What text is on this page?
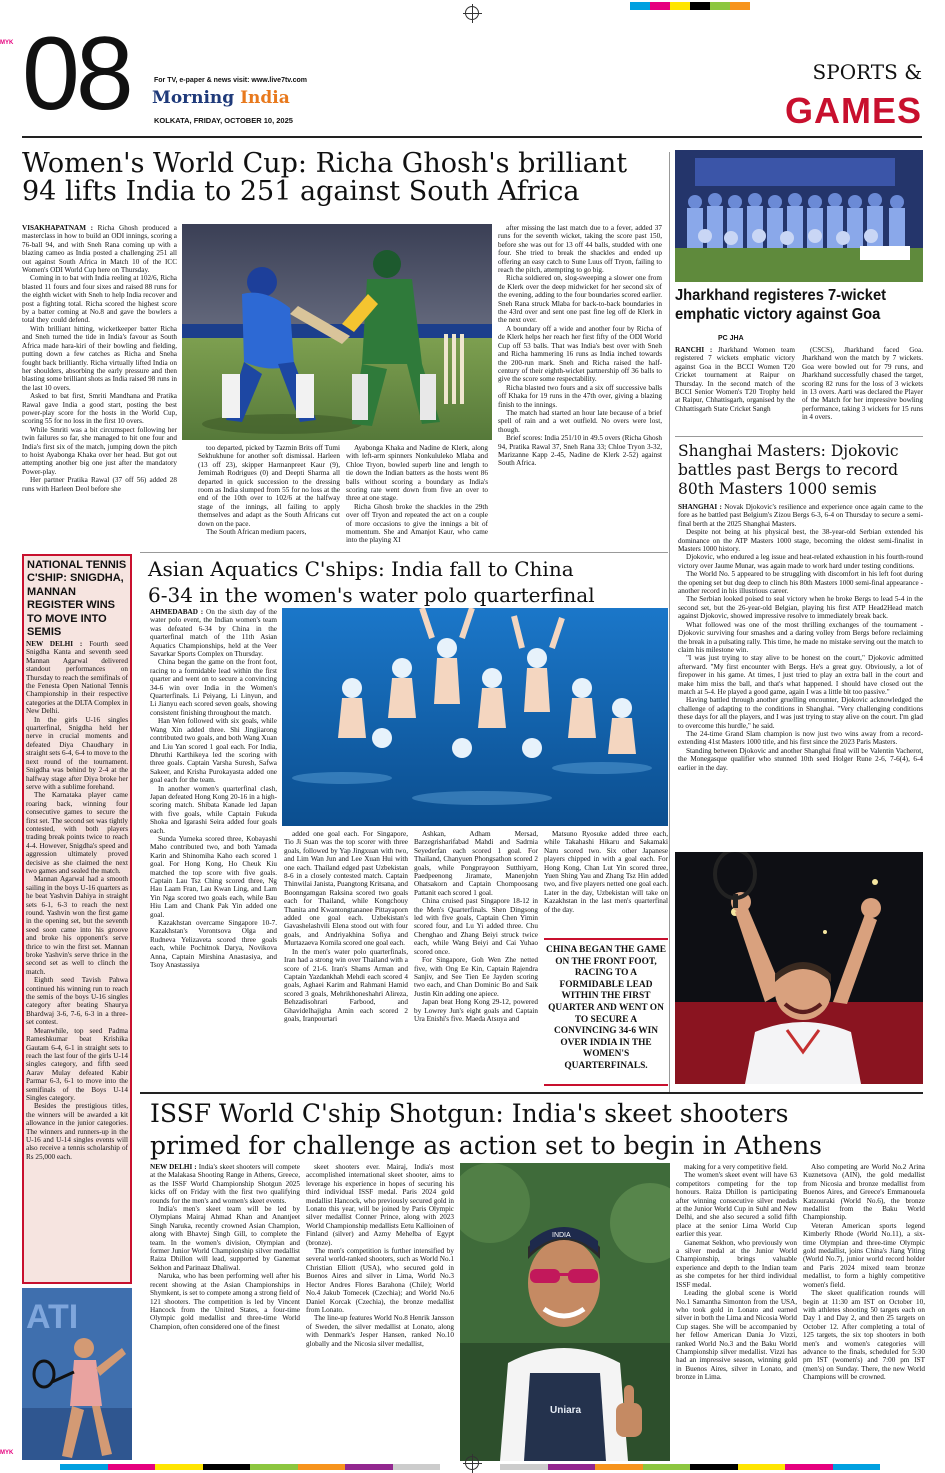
MYK 08	For TV, e-paper & news visit: www.live7tv.com
Morning India
KOLKATA, FRIDAY, OCTOBER 10, 2025
SPORTS &
GAMES
Women's World Cup: Richa Ghosh's brilliant
94 lifts India to 251 against South Africa

VISAKHAPATNAM : Richa Ghosh produced a masterclass in how to build an ODI innings, scoring a 76-ball 94, and with Sneh Rana coming up with a blazing cameo as India posted a challenging 251 all out against South Africa in Match 10 of the ICC Women's ODI World Cup here on Thursday.

Coming in to bat with India reeling at 102/6, Richa blasted 11 fours and four sixes and raised 88 runs for the eighth wicket with Sneh to help India recover and post a fighting total. Richa scored the highest score by a batter coming at No.8 and gave the bowlers a total they could defend.

With brilliant hitting, wicketkeeper batter Richa and Sneh turned the tide in India's favour as South Africa made hara-kiri of their bowling and fielding, putting down a few catches as Richa and Sneha fought back brilliantly. Richa virtually lifted India on her shoulders, absorbing the early pressure and then blasting some brilliant shots as India raised 98 runs in the last 10 overs.

Asked to bat first, Smriti Mandhana and Pratika Rawal gave India a good start, posting the best power-play score for the hosts in the World Cup, scoring 55 for no loss in the first 10 overs.

While Smriti was a bit circumspect following her twin failures so far, she managed to hit one four and India's first six of the match, jumping down the pitch to hoist Ayabonga Khaka over her head. But got out attempting another big one just after the mandatory Power-play.

Her partner Pratika Rawal (37 off 56) added 28 runs with Harleen Deol before she

too departed, picked by Tazmin Brits off Tumi Sekhukhune for another soft dismissal. Harleen (13 off 23), skipper Harmanpreet Kaur (9), Jemimah Rodrigues (0) and Deepti Sharma all departed in quick succession to the dressing room as India slumped from 55 for no loss at the end of the 10th over to 102/6 at the halfway stage of the innings, all failing to apply themselves and adapt as the South Africans cut down on the pace.

The South African medium pacers,

Ayabonga Khaka and Nadine de Klerk, along with left-arm spinners Nonkululeko Mlaba and Chloe Tryon, bowled superb line and length to tie down the Indian batters as the hosts went 86 balls without scoring a boundary as India's scoring rate went down from five an over to three at one stage.

Richa Ghosh broke the shackles in the 29th over off Tryon and repeated the act on a couple of more occasions to give the innings a bit of momentum. She and Amanjot Kaur, who came into the playing XI

after missing the last match due to a fever, added 37 runs for the seventh wicket, taking the score past 150, before she was out for 13 off 44 balls, studded with one four. She tried to break the shackles and ended up offering an easy catch to Sune Luus off Tryon, failing to reach the pitch, attempting to go big.

Richa soldiered on, slog-sweeping a slower one from de Klerk over the deep midwicket for her second six of the evening, adding to the four boundaries scored earlier. Sneh Rana struck Mlaba for back-to-back boundaries in the 43rd over and sent one past fine leg off de Klerk in the next over.

A boundary off a wide and another four by Richa of de Klerk helps her reach her first fifty of the ODI World Cup off 53 balls. That was India's best over with Sneh and Richa hammering 16 runs as India inched towards the 200-run mark. Sneh and Richa raised the half-century of their eighth-wicket partnership off 36 balls to give the score some respectability.

Richa blasted two fours and a six off successive balls off Khaka for 19 runs in the 47th over, giving a blazing finish to the innings.

The match had started an hour late because of a brief spell of rain and a wet outfield. No overs were lost, though.

Brief scores: India 251/10 in 49.5 overs (Richa Ghosh 94, Pratika Rawal 37, Sneh Rana 33; Chloe Tryon 3-32, Marizanne Kapp 2-45, Nadine de Klerk 2-52) against South Africa.

Jharkhand registeres 7-wicket emphatic victory against Goa
PC JHA

RANCHI : Jharkhand Women team registered 7 wickets emphatic victory against Goa in the BCCI Women T20 Cricket tournament at Raipur on Thursday. In the second match of the BCCI Senior Women's T20 Trophy held at Raipur, Chhattisgarh, organised by the Chhattisgarh State Cricket Sangh

(CSCS), Jharkhand faced Goa. Jharkhand won the match by 7 wickets. Goa were bowled out for 79 runs, and Jharkhand successfully chased the target, scoring 82 runs for the loss of 3 wickets in 13 overs. Aarti was declared the Player of the Match for her impressive bowling performance, taking 3 wickets for 15 runs in 4 overs.

Shanghai Masters: Djokovic battles past Bergs to record 80th Masters 1000 semis

SHANGHAI : Novak Djokovic's resilience and experience once again came to the fore as he battled past Belgium's Zizou Bergs 6-3, 6-4 on Thursday to secure a semi-final berth at the 2025 Shanghai Masters.

Despite not being at his physical best, the 38-year-old Serbian extended his dominance on the ATP Masters 1000 stage, becoming the oldest semi-finalist in Masters 1000 history.

Djokovic, who endured a leg issue and heat-related exhaustion in his fourth-round victory over Jaume Munar, was again made to work hard under testing conditions.

The World No. 5 appeared to be struggling with discomfort in his left foot during the opening set but dug deep to clinch his 80th Masters 1000 semi-final appearance - another record in his illustrious career.

The Serbian looked poised to seal victory when he broke Bergs to lead 5-4 in the second set, but the 26-year-old Belgian, playing his first ATP Head2Head match against Djokovic, showed impressive resolve to immediately break back.

What followed was one of the most thrilling exchanges of the tournament - Djokovic surviving four smashes and a daring volley from Bergs before reclaiming the break in a pulsating rally. This time, he made no mistake serving out the match to claim his milestone win.

"I was just trying to stay alive to be honest on the court," Djokovic admitted afterward. "My first encounter with Bergs. He's a great guy. Obviously, a lot of firepower in his game. At times, I just tried to play an extra ball in the court and make him miss the ball, and that's what happened. I should have closed out the match at 5-4. He played a good game, again I was a little bit too passive."

Having battled through another gruelling encounter, Djokovic acknowledged the challenge of adapting to the conditions in Shanghai. "Very challenging conditions these days for all the players, and I was just trying to stay alive on the court. I'm glad to overcome this hurdle," he said.

The 24-time Grand Slam champion is now just two wins away from a record-extending 41st Masters 1000 title, and his first since the 2023 Paris Masters.

Standing between Djokovic and another Shanghai final will be Valentin Vacherot, the Monegasque qualifier who stunned 10th seed Holger Rune 2-6, 7-6(4), 6-4 earlier in the day.

NATIONAL TENNIS C'SHIP: SNIGDHA, MANNAN REGISTER WINS TO MOVE INTO SEMIS

NEW DELHI : Fourth seed Snigdha Kanta and seventh seed Mannan Agarwal delivered standout performances on Thursday to reach the semifinals of the Fenesta Open National Tennis Championship in their respective categories at the DLTA Complex in New Delhi.

In the girls U-16 singles quarterfinal, Snigdha held her nerve in crucial moments and defeated Diya Chaudhary in straight sets 6-4, 6-4 to move to the next round of the tournament. Snigdha was behind by 2-4 at the halfway stage after Diya broke her serve with a sublime forehand.

The Karnataka player came roaring back, winning four consecutive games to secure the first set. The second set was tightly contested, with both players trading break points twice to reach 4-4. However, Snigdha's speed and aggression ultimately proved decisive as she claimed the next two games and sealed the match.

Mannan Agarwal had a smooth sailing in the boys U-16 quarters as he beat Yashvin Dahiya in straight sets 6-1, 6-3 to reach the next round. Yashvin won the first game in the opening set, but the seventh seed soon came into his groove and broke his opponent's serve thrice to win the first set. Mannan broke Yashvin's serve thrice in the second set as well to clinch the match.

Eighth seed Tavish Pahwa continued his winning run to reach the semis of the boys U-16 singles category after beating Shaurya Bhardwaj 3-6, 7-6, 6-3 in a three-set contest.

Meanwhile, top seed Padma Rameshkumar beat Krishika Gautam 6-4, 6-1 in straight sets to reach the last four of the girls U-14 singles category, and fifth seed Aarav Mulay defeated Kabir Parmar 6-3, 6-1 to move into the semifinals of the Boys U-14 Singles category.

Besides the prestigious titles, the winners will be awarded a kit allowance in the junior categories. The winners and runners-up in the U-16 and U-14 singles events will also receive a tennis scholarship of Rs 25,000 each.

ATI
Asian Aquatics C'ships: India fall to China
6-34 in the women's water polo quarterfinal

AHMEDABAD : On the sixth day of the water polo event, the Indian women's team was defeated 6-34 by China in the quarterfinal match of the 11th Asian Aquatics Championships, held at the Veer Savarkar Sports Complex on Thursday.

China began the game on the front foot, racing to a formidable lead within the first quarter and went on to secure a convincing 34-6 win over India in the Women's Quarterfinals. Li Peiyang, Li Linyun, and Li Jianyu each scored seven goals, showing consistent finishing throughout the match.

Han Wen followed with six goals, while Wang Xin added three. Shi Jingjiarong contributed two goals, and both Wang Xuan and Liu Yan scored 1 goal each. For India, Dhruthi Karthikeya led the scoring with three goals. Captain Varsha Suresh, Safwa Sakeer, and Krisha Purokayasta added one goal each for the team.

In another women's quarterfinal clash, Japan defeated Hong Kong 20-16 in a high-scoring match. Shibata Kanade led Japan with five goals, while Captain Fukuda Shoka and Igarashi Seira added four goals each.

Sunda Yumeka scored three, Kobayashi Maho contributed two, and both Yamada Karin and Shinomiha Kaho each scored 1 goal. For Hong Kong, Ho Cheuk Kiu matched the top score with five goals. Captain Lau Tsz Ching scored three, Ng Hau Laam Fran, Lau Kwan Ling, and Lam Yin Nga scored two goals each, while Bau Hiu Lam and Chank Pak Yin added one goal.

Kazakhstan overcame Singapore 10-7. Kazakhstan's Vorontsova Olga and Rudneva Yelizaveta scored three goals each, while Pochitnok Darya, Novikova Anna, Captain Mirshina Anastasiya, and Tsoy Anastassiya

added one goal each. For Singapore, Tio Ji Suan was the top scorer with three goals, followed by Yap Jingxuan with two, and Lim Wan Jun and Lee Xuan Hui with one each. Thailand edged past Uzbekistan 8-6 in a closely contested match. Captain Thinwilai Janista, Puangtong Kritsana, and Boonngamgan Raksina scored two goals each for Thailand, while Kongchouy Thanita and Kwantongtananee Pittayaporn added one goal each. Uzbekistan's Gavashelashvili Elena stood out with four goals, and Andriyakhina Sofiya and Murtazaeva Komila scored one goal each.

In the men's water polo quarterfinals, Iran had a strong win over Thailand with a score of 21-6. Iran's Shams Arman and Captain Yazdankhah Mehdi each scored 4 goals, Aghaei Karim and Rahmani Hamid scored 3 goals, Mehrikhoneshahri Alireza, Behzadisohrari Farbood, and Ghavidelhajigha Amin each scored 2 goals, Iranpourtari

Ashkan, Adham Mersad, Barzegrisharifabad Mahdi and Sadrnia Seyederfan each scored 1 goal. For Thailand, Chanyuen Phongsathon scored 2 goals, while Pongprayoon Sutthiyarn, Paedpeenong Jiramate, Manenjohn Ohatsakorn and Captain Chompoosang Pattanit each scored 1 goal.

China cruised past Singapore 18-12 in the Men's Quarterfinals. Shen Dingsong led with five goals, Captain Chen Yimin scored four, and Lu Yi added three. Chu Chenghao and Zhang Beiyi struck twice each, while Wang Beiyi and Cai Yuhao scored once.

For Singapore, Goh Wen Zhe netted five, with Ong Ee Kin, Captain Rajendra Sanjiv, and See Tien Ee Jayden scoring two each, and Chan Dominic Bo and Saik Justin Kin adding one apiece.

Japan beat Hong Kong 29-12, powered by Lowrey Jun's eight goals and Captain Ura Enishi's five. Maeda Atsuya and

Matsuno Ryosuke added three each, while Takahashi Hikaru and Sakamaki Naru scored two. Six other Japanese players chipped in with a goal each. For Hong Kong, Chan Lut Yin scored three, Yuen Shing Yau and Zhang Tsz Hin added two, and five players netted one goal each. Later in the day, Uzbekistan will take on Kazakhstan in the last men's quarterfinal of the day.

CHINA BEGAN THE GAME ON THE FRONT FOOT, RACING TO A FORMIDABLE LEAD WITHIN THE FIRST QUARTER AND WENT ON TO SECURE A CONVINCING 34-6 WIN OVER INDIA IN THE WOMEN'S QUARTERFINALS.
ISSF World C'ship Shotgun: India's skeet shooters
primed for challenge as action set to begin in Athens

NEW DELHI : India's skeet shooters will compete at the Malakasa Shooting Range in Athens, Greece, as the ISSF World Championship Shotgun 2025 kicks off on Friday with the first two qualifying rounds for the men's and women's skeet events.

India's men's skeet team will be led by Olympians Mairaj Ahmad Khan and Anantjeet Singh Naruka, recently crowned Asian Champion, along with Bhavtej Singh Gill, to complete the team. In the women's division, Olympian and former Junior World Championship silver medallist Raiza Dhillon will lead, supported by Ganemat Sekhon and Parinaaz Dhaliwal.

Naruka, who has been performing well after his recent showing at the Asian Championships in Shymkent, is set to compete among a strong field of 121 shooters. The competition is led by Vincent Hancock from the United States, a four-time Olympic gold medallist and three-time World Champion, often considered one of the finest

skeet shooters ever. Mairaj, India's most accomplished international skeet shooter, aims to leverage his experience in hopes of securing his third individual ISSF medal. Paris 2024 gold medallist Hancock, who previously secured gold in Lonato this year, will be joined by Paris Olympic silver medallist Conner Prince, along with 2023 World Championship medallists Eetu Kallioinen of Finland (silver) and Azmy Mehelba of Egypt (bronze).

The men's competition is further intensified by several world-ranked shooters, such as World No.1 Christian Elliott (USA), who secured gold in Buenos Aires and silver in Lima, World No.3 Hector Andres Flores Barahona (Chile); World No.4 Jakub Tomecek (Czechia); and World No.6 Daniel Korcak (Czechia), the bronze medallist from Lonato.

The line-up features World No.8 Henrik Jansson of Sweden, the silver medallist at Lonato, along with Denmark's Jesper Hansen, ranked No.10 globally and the Nicosia silver medallist,

Uniara
INDIA

making for a very competitive field.

The women's skeet event will have 63 competitors competing for the top honours. Raiza Dhillon is participating after winning consecutive silver medals at the Junior World Cup in Suhl and New Delhi, and she also secured a solid fifth place at the senior Lima World Cup earlier this year.

Ganemat Sekhon, who previously won a silver medal at the Junior World Championship, brings valuable experience and depth to the Indian team as she competes for her third individual ISSF medal.

Leading the global scene is World No.1 Samantha Simonton from the USA, who took gold in Lonato and earned silver in both the Lima and Nicosia World Cup stages. She will be accompanied by her fellow American Dania Jo Vizzi, ranked World No.3 and the Baku World Championship silver medallist. Vizzi has had an impressive season, winning gold in Buenos Aires, silver in Lonato, and bronze in Lima.

Also competing are World No.2 Arina Kuznetsova (AIN), the gold medallist from Nicosia and bronze medallist from Buenos Aires, and Greece's Emmanouela Katzouraki (World No.6), the bronze medallist from the Baku World Championship.

Veteran American sports legend Kimberly Rhode (World No.11), a six-time Olympian and three-time Olympic gold medallist, joins China's Jiang Yiting (World No.7), junior world record holder and Paris 2024 mixed team bronze medallist, to form a highly competitive women's field.

The skeet qualification rounds will begin at 11:30 am IST on October 10, with athletes shooting 50 targets each on Day 1 and Day 2, and then 25 targets on October 12. After completing a total of 125 targets, the six top shooters in both men's and women's categories will advance to the finals, scheduled for 5:30 pm IST (women's) and 7:00 pm IST (men's) on Sunday. There, the new World Champions will be crowned.

MYK
